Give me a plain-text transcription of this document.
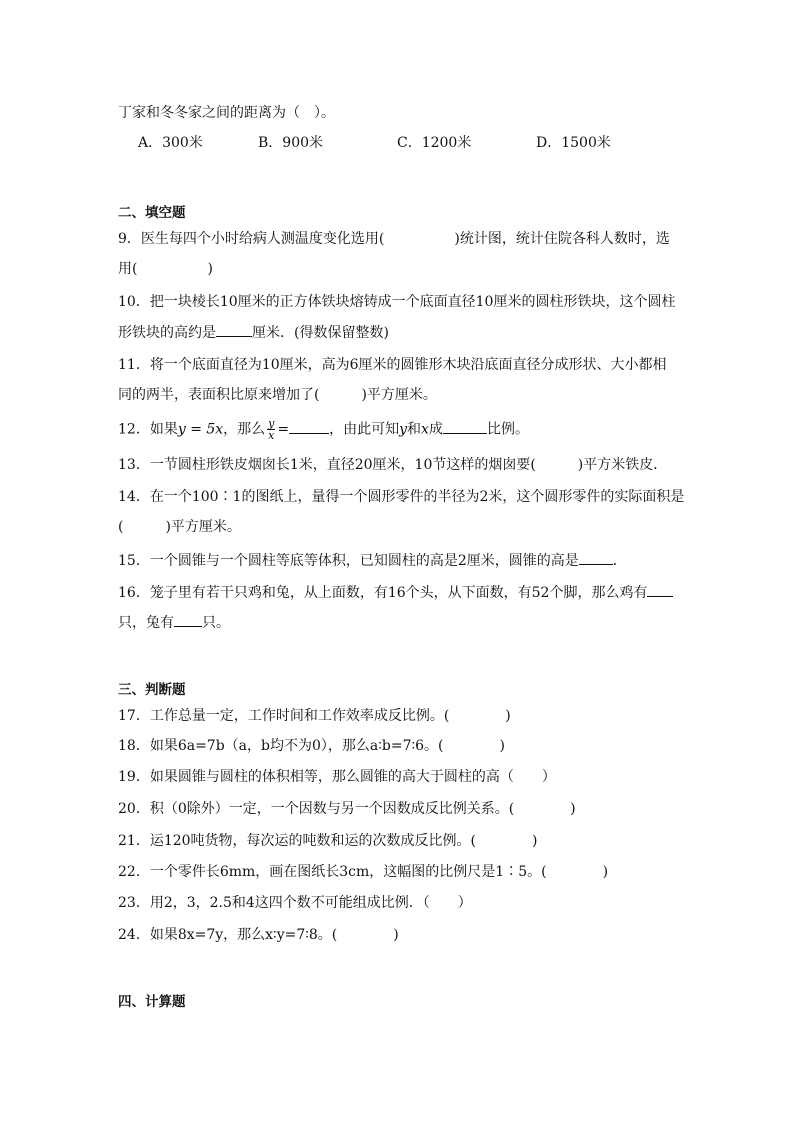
丁家和冬冬家之间的距离为（　）。
A．300米	B．900米	C．1200米	D．1500米
二、填空题
9．医生每四个小时给病人测温度变化选用(　　　　　)统计图，统计住院各科人数时，选
用(　　　　　)
10．把一块棱长10厘米的正方体铁块熔铸成一个底面直径10厘米的圆柱形铁块，这个圆柱
形铁块的高约是	厘米．(得数保留整数)
11．将一个底面直径为10厘米，高为6厘米的圆锥形木块沿底面直径分成形状、大小都相
同的两半，表面积比原来增加了(　　　)平方厘米。
12．如果y = 5x，那么 $\frac{y}{x}$ =	，由此可知y和x成	比例。
13．一节圆柱形铁皮烟囱长1米，直径20厘米，10节这样的烟囱要(　　　)平方米铁皮．
14．在一个100∶1的图纸上，量得一个圆形零件的半径为2米，这个圆形零件的实际面积是
(　　　)平方厘米。
15．一个圆锥与一个圆柱等底等体积，已知圆柱的高是2厘米，圆锥的高是 ．
16．笼子里有若干只鸡和兔，从上面数，有16个头，从下面数，有52个脚，那么鸡有
只，兔有 只。
三、判断题
17．工作总量一定，工作时间和工作效率成反比例。(　　　　)
18．如果6a=7b（a，b均不为0），那么a∶b=7∶6。(　　　　)
19．如果圆锥与圆柱的体积相等，那么圆锥的高大于圆柱的高（　　）
20．积（0除外）一定，一个因数与另一个因数成反比例关系。(　　　　)
21．运120吨货物，每次运的吨数和运的次数成反比例。(　　　　)
22．一个零件长6mm，画在图纸长3cm，这幅图的比例尺是1∶5。(　　　　)
23．用2，3，2.5和4这四个数不可能组成比例．（　　）
24．如果8x=7y，那么x∶y=7∶8。(　　　　)
四、计算题
